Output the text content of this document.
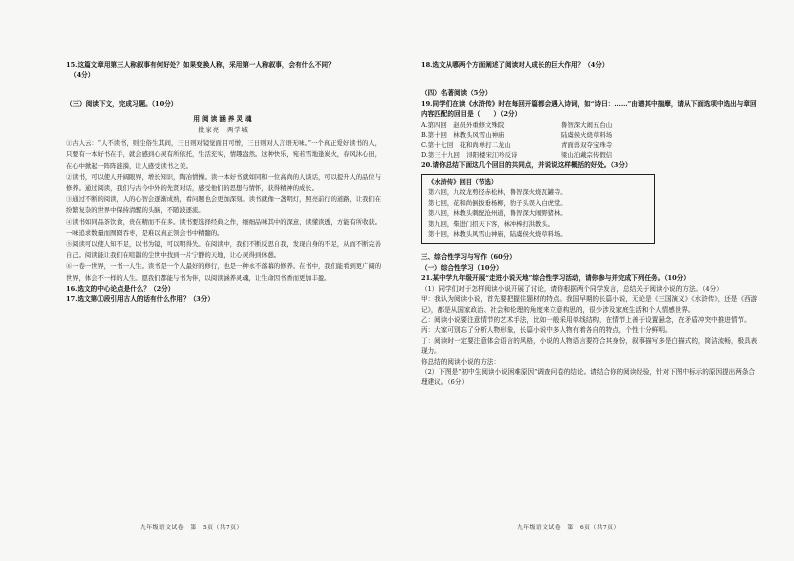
15.这篇文章用第三人称叙事有何好处？如果变换人称，采用第一人称叙事，会有什么不同？

（4分）

（三）阅读下文，完成习题。（10分）

用阅读涵养灵魂

批家亮　两学城

①古人云：“人不读书，则尘俗生其间，三日则对镜觉面目可憎，三日则对人言语无味。”一个真正爱好读书的人，只要有一本好书在手，就会感到心灵有所依托，生活充实，情趣盎然。这种快乐，宛若雪地逢炭火，春风沐心田，在心中掀起一阵阵涟漪，让人感受读书之美。

②读书，可以使人开阔眼界，增长知识，陶冶情操。读一本好书就如同和一位高尚的人谈话，可以提升人的品位与修养。通过阅读，我们与古今中外的先贤对话，感受他们的思想与情怀，获得精神的成长。

③通过不断的阅读，人的心智会逐渐成熟，看问题也会更加深刻。读书就像一盏明灯，照亮前行的道路，让我们在纷繁复杂的世界中保持清醒的头脑，不随波逐流。

④读书如同品茶饮食，贵在精而不在多。读书要选择经典之作，细细品味其中的深意，读懂读透，方能有所收获。一味追求数量而囫囵吞枣，是难以真正领会书中精髓的。

⑤阅读可以使人知不足，以书为镜，可以明得失。在阅读中，我们不断反思自我，发现自身的不足，从而不断完善自己。阅读能让我们在喧嚣的尘世中找到一片宁静的天地，让心灵得到休憩。

⑥一卷一世界，一书一人生。读书是一个人最好的修行，也是一种永不落幕的修养。在书中，我们能看到更广阔的世界，体会不一样的人生。愿我们都能与书为伴，以阅读涵养灵魂，让生命因书香而更加丰盈。

16.选文的中心论点是什么？（2分）

17.选文第①段引用古人的话有什么作用？（3分）

九年级语文试卷　第　5页（共7页）

18.选文从哪两个方面阐述了阅读对人成长的巨大作用？（4分）

（四）名著阅读（5分）

19.同学们在读《水浒传》时在每回开篇都会遇入诗词，如“诗曰：……”由谱其中揣摩，请从下面选项中选出与章回内容匹配的回目是（　　）（2分）

A.第四回　赵员外重修文殊院	鲁智深大闹五台山
B.第十回　林教头风雪山神庙	陆虞侯火烧草料场
C.第十七回　花和尚单打二龙山	青面兽双夺宝珠寺
D.第三十九回　浔阳楼宋江吟反诗	梁山泊戴宗传假信

20.请你总结下面这几个回目的共同点，并说说这样概括的好处。（3分）

《水浒传》回目（节选）
第六回，九纹龙剪径赤松林，鲁智深火烧瓦罐寺。
第七回，花和尚倒拔垂杨柳，豹子头误入白虎堂。
第八回，林教头刺配沧州道，鲁智深大闹野猪林。
第九回，柴进门招天下客，林冲棒打洪教头。
第十回，林教头风雪山神庙，陆虞侯火烧草料场。

三、综合性学习与写作（60分）

（一）综合性学习（10分）

21.某中学九年级开展“走进小说天地”综合性学习活动，请你参与并完成下列任务。（10分）

（1）同学们对于怎样阅读小说开展了讨论，请你根据两个同学发言，总结关于阅读小说的方法。（4分）

甲：我认为阅读小说，首先要把握住题材的特点。我国早期的长篇小说，无论是《三国演义》《水浒传》，还是《西游记》，都是从国家政治、社会和伦理的角度来立意构思的，很少涉及家庭生活和个人情感世界。

乙：阅读小说要注意情节的艺术手法，比如一般采用单线结构，在情节上善于设置悬念，在矛盾冲突中推进情节。

丙：大家可别忘了分析人物形象，长篇小说中多人物有着各自的特点，个性十分鲜明。

丁：阅读时一定要注意体会语言的风格，小说的人物语言要符合其身份，叙事描写多是白描式的，简洁流畅，极具表现力。

你总结的阅读小说的方法：

（2）下图是“初中生阅读小说困难原因”调查问卷的结论。请结合你的阅读经验，针对下图中标示的原因提出两条合理建议。（6分）

九年级语文试卷　第　6页（共7页）
